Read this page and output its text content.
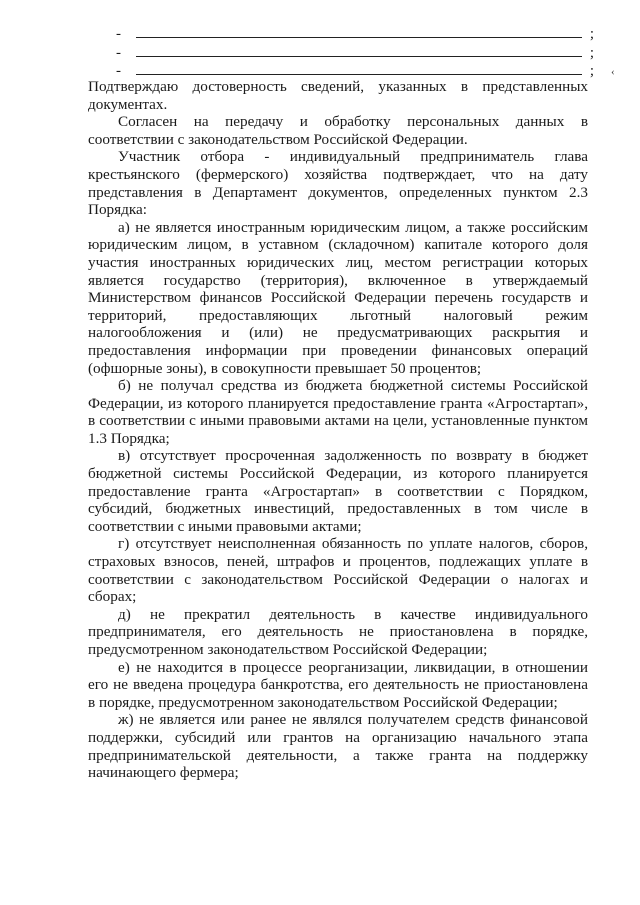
-	;
-	;
-	; ‹

Подтверждаю достоверность сведений, указанных в представленных документах.

Согласен на передачу и обработку персональных данных в соответствии с законодательством Российской Федерации.

Участник отбора - индивидуальный предприниматель глава крестьянского (фермерского) хозяйства подтверждает, что на дату представления в Департамент документов, определенных пунктом 2.3 Порядка:

а) не является иностранным юридическим лицом, а также российским юридическим лицом, в уставном (складочном) капитале которого доля участия иностранных юридических лиц, местом регистрации которых является государство (территория), включенное в утверждаемый Министерством финансов Российской Федерации перечень государств и территорий, предоставляющих льготный налоговый режим налогообложения и (или) не предусматривающих раскрытия и предоставления информации при проведении финансовых операций (офшорные зоны), в совокупности превышает 50 процентов;

б) не получал средства из бюджета бюджетной системы Российской Федерации, из которого планируется предоставление гранта «Агростартап», в соответствии с иными правовыми актами на цели, установленные пунктом 1.3 Порядка;

в) отсутствует просроченная задолженность по возврату в бюджет бюджетной системы Российской Федерации, из которого планируется предоставление гранта «Агростартап» в соответствии с Порядком, субсидий, бюджетных инвестиций, предоставленных в том числе в соответствии с иными правовыми актами;

г) отсутствует неисполненная обязанность по уплате налогов, сборов, страховых взносов, пеней, штрафов и процентов, подлежащих уплате в соответствии с законодательством Российской Федерации о налогах и сборах;

д) не прекратил деятельность в качестве индивидуального предпринимателя, его деятельность не приостановлена в порядке, предусмотренном законодательством Российской Федерации;

е) не находится в процессе реорганизации, ликвидации, в отношении его не введена процедура банкротства, его деятельность не приостановлена в порядке, предусмотренном законодательством Российской Федерации;

ж) не является или ранее не являлся получателем средств финансовой поддержки, субсидий или грантов на организацию начального этапа предпринимательской деятельности, а также гранта на поддержку начинающего фермера;
